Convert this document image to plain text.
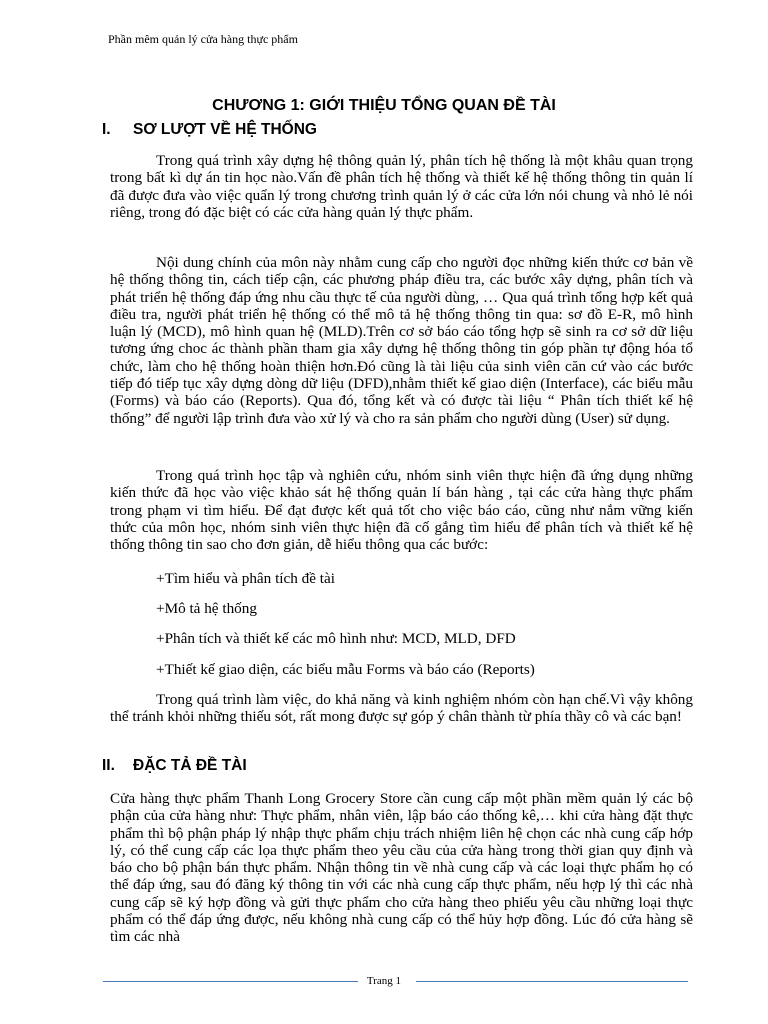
Phần mêm quản lý cửa hàng thực phẩm
CHƯƠNG 1: GIỚI THIỆU TỔNG QUAN ĐỀ TÀI
I. SƠ LƯỢT VỀ HỆ THỐNG

Trong quá trình xây dựng hệ thông quản lý, phân tích hệ thống là một khâu quan trọng trong bất kì dự án tin học nào.Vấn đề phân tích hệ thống và thiết kế hệ thống thông tin quản lí đã được đưa vào việc quẩn lý trong chương trình quản lý ở các cửa lớn nói chung và nhỏ lẻ nói riêng, trong đó đặc biệt có các cửa hàng quản lý thực phẩm.

Nội dung chính của môn này nhằm cung cấp cho người đọc những kiến thức cơ bản về hệ thống thông tin, cách tiếp cận, các phương pháp điều tra, các bước xây dựng, phân tích và phát triển hệ thống đáp ứng nhu cầu thực tế của người dùng, … Qua quá trình tổng hợp kết quả điều tra, người phát triển hệ thống có thể mô tả hệ thống thông tin qua: sơ đồ E-R, mô hình luận lý (MCD), mô hình quan hệ (MLD).Trên cơ sở báo cáo tổng hợp sẽ sinh ra cơ sở dữ liệu tương ứng choc ác thành phần tham gia xây dựng hệ thống thông tin góp phần tự động hóa tổ chức, làm cho hệ thống hoàn thiện hơn.Đó cũng là tài liệu của sinh viên căn cứ vào các bước tiếp đó tiếp tục xây dựng dòng dữ liệu (DFD),nhằm thiết kế giao diện (Interface), các biểu mẫu (Forms) và báo cáo (Reports). Qua đó, tổng kết và có được tài liệu “ Phân tích thiết kế hệ thống” để người lập trình đưa vào xử lý và cho ra sản phẩm cho người dùng (User) sử dụng.

Trong quá trình học tập và nghiên cứu, nhóm sinh viên thực hiện đã ứng dụng những kiến thức đã học vào việc khảo sát hệ thống quản lí bán hàng , tại các cửa hàng thực phẩm trong phạm vi tìm hiểu. Để đạt được kết quả tốt cho việc báo cáo, cũng như nắm vững kiến thức của môn học, nhóm sinh viên thực hiện đã cố gắng tìm hiểu để phân tích và thiết kế hệ thống thông tin sao cho đơn giản, dễ hiểu thông qua các bước:

+Tìm hiểu và phân tích đề tài
+Mô tả hệ thống
+Phân tích và thiết kế các mô hình như: MCD, MLD, DFD
+Thiết kế giao diện, các biểu mẫu Forms và báo cáo (Reports)

Trong quá trình làm việc, do khả năng và kinh nghiệm nhóm còn hạn chế.Vì vậy không thể tránh khỏi những thiếu sót, rất mong được sự góp ý chân thành từ phía thầy cô và các bạn!

II. ĐẶC TẢ ĐỀ TÀI

Cửa hàng thực phẩm Thanh Long Grocery Store cần cung cấp một phần mềm quản lý các bộ phận của cửa hàng như: Thực phẩm, nhân viên, lập báo cáo thống kê,… khi cửa hàng đặt thực phẩm thì bộ phận pháp lý nhập thực phẩm chịu trách nhiệm liên hệ chọn các nhà cung cấp hớp lý, có thể cung cấp các lọa thực phẩm theo yêu cầu của cửa hàng trong thời gian quy định và báo cho bộ phận bán thực phẩm. Nhận thông tin về nhà cung cấp và các loại thực phẩm họ có thể đáp ứng, sau đó đăng ký thông tin với các nhà cung cấp thực phẩm, nếu hợp lý thì các nhà cung cấp sẽ ký hợp đồng và gửi thực phẩm cho cửa hàng theo phiếu yêu cầu những loại thực phẩm có thể đáp ứng được, nếu không nhà cung cấp có thể hủy hợp đồng. Lúc đó cửa hàng sẽ tìm các nhà

Trang 1
